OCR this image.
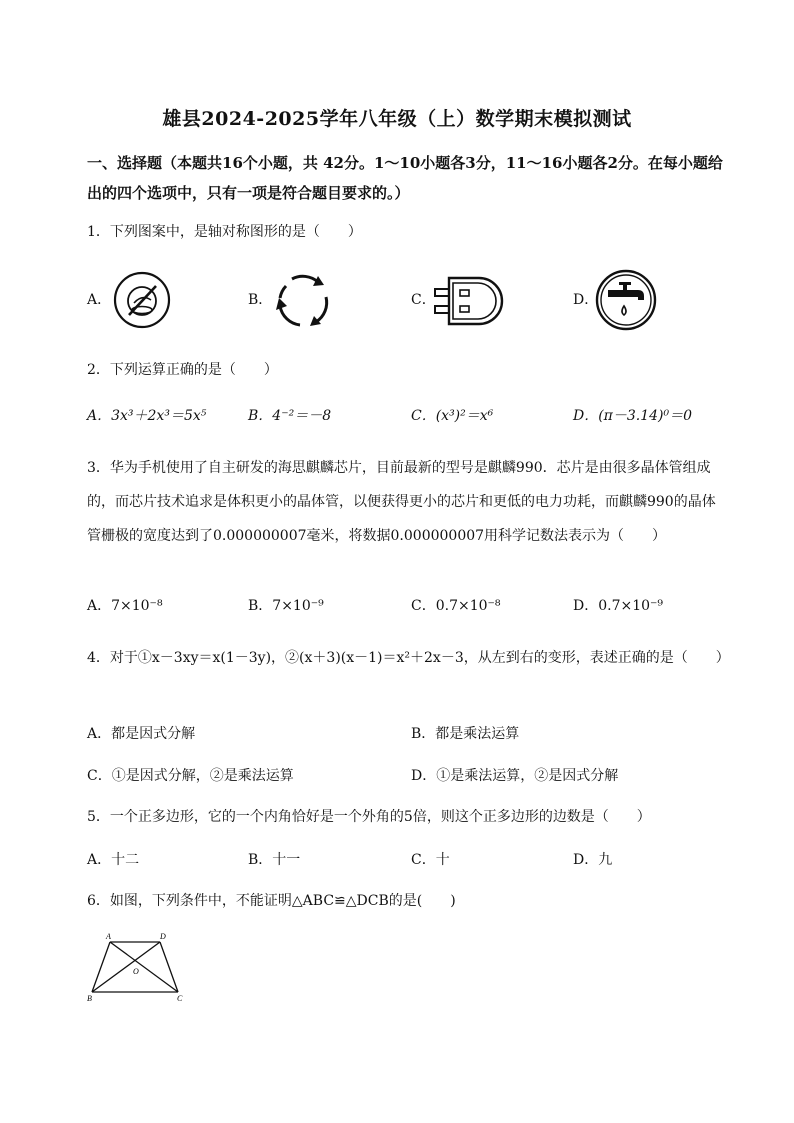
雄县2024-2025学年八年级（上）数学期末模拟测试
一、选择题（本题共16个小题，共 42分。1～10小题各3分，11～16小题各2分。在每小题给出的四个选项中，只有一项是符合题目要求的。）
1．下列图案中，是轴对称图形的是（　　）
A．	B．	C．	D．
2．下列运算正确的是（　　）
A．3x³＋2x³＝5x⁵	B．4⁻²＝－8	C．(x³)²＝x⁶	D．(π－3.14)⁰＝0
3．华为手机使用了自主研发的海思麒麟芯片，目前最新的型号是麒麟990．芯片是由很多晶体管组成的，而芯片技术追求是体积更小的晶体管，以便获得更小的芯片和更低的电力功耗，而麒麟990的晶体管栅极的宽度达到了0.000000007毫米，将数据0.000000007用科学记数法表示为（　　）
A．7×10⁻⁸	B．7×10⁻⁹	C．0.7×10⁻⁸	D．0.7×10⁻⁹
4．对于①x－3xy＝x(1－3y)，②(x＋3)(x－1)＝x²＋2x－3，从左到右的变形，表述正确的是（　　）
A．都是因式分解	B．都是乘法运算
C．①是因式分解，②是乘法运算	D．①是乘法运算，②是因式分解
5．一个正多边形，它的一个内角恰好是一个外角的5倍，则这个正多边形的边数是（　　）
A．十二	B．十一	C．十	D．九
6．如图，下列条件中，不能证明△ABC≌△DCB的是(　　)
A	D
O
B	C
